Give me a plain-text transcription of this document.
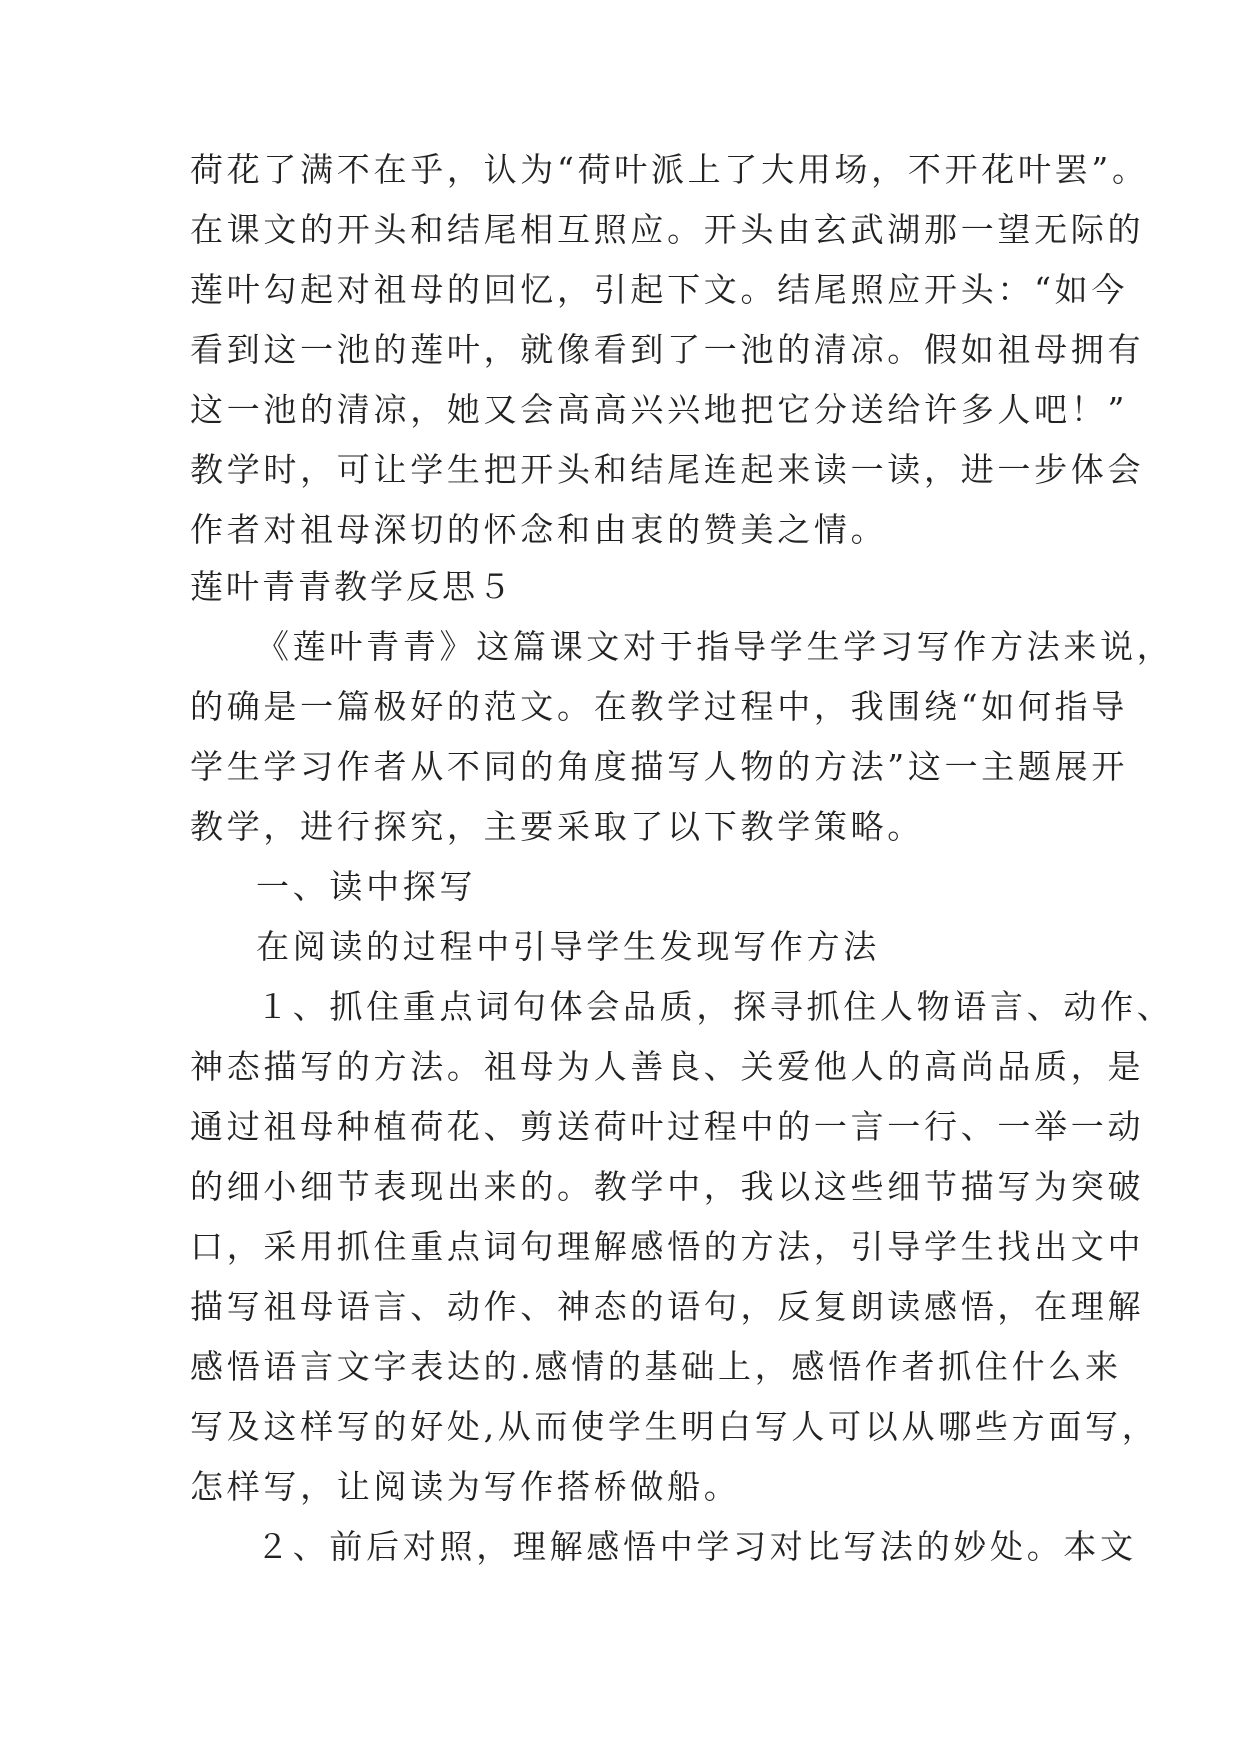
荷花了满不在乎，认为“荷叶派上了大用场，不开花叶罢”。
在课文的开头和结尾相互照应。开头由玄武湖那一望无际的
莲叶勾起对祖母的回忆，引起下文。结尾照应开头：“如今
看到这一池的莲叶，就像看到了一池的清凉。假如祖母拥有
这一池的清凉，她又会高高兴兴地把它分送给许多人吧！”
教学时，可让学生把开头和结尾连起来读一读，进一步体会
作者对祖母深切的怀念和由衷的赞美之情。
莲叶青青教学反思５
《莲叶青青》这篇课文对于指导学生学习写作方法来说，
的确是一篇极好的范文。在教学过程中，我围绕“如何指导
学生学习作者从不同的角度描写人物的方法”这一主题展开
教学，进行探究，主要采取了以下教学策略。
一、读中探写
在阅读的过程中引导学生发现写作方法
１、抓住重点词句体会品质，探寻抓住人物语言、动作、
神态描写的方法。祖母为人善良、关爱他人的高尚品质，是
通过祖母种植荷花、剪送荷叶过程中的一言一行、一举一动
的细小细节表现出来的。教学中，我以这些细节描写为突破
口，采用抓住重点词句理解感悟的方法，引导学生找出文中
描写祖母语言、动作、神态的语句，反复朗读感悟，在理解
感悟语言文字表达的.感情的基础上，感悟作者抓住什么来
写及这样写的好处,从而使学生明白写人可以从哪些方面写，
怎样写，让阅读为写作搭桥做船。
２、前后对照，理解感悟中学习对比写法的妙处。本文
